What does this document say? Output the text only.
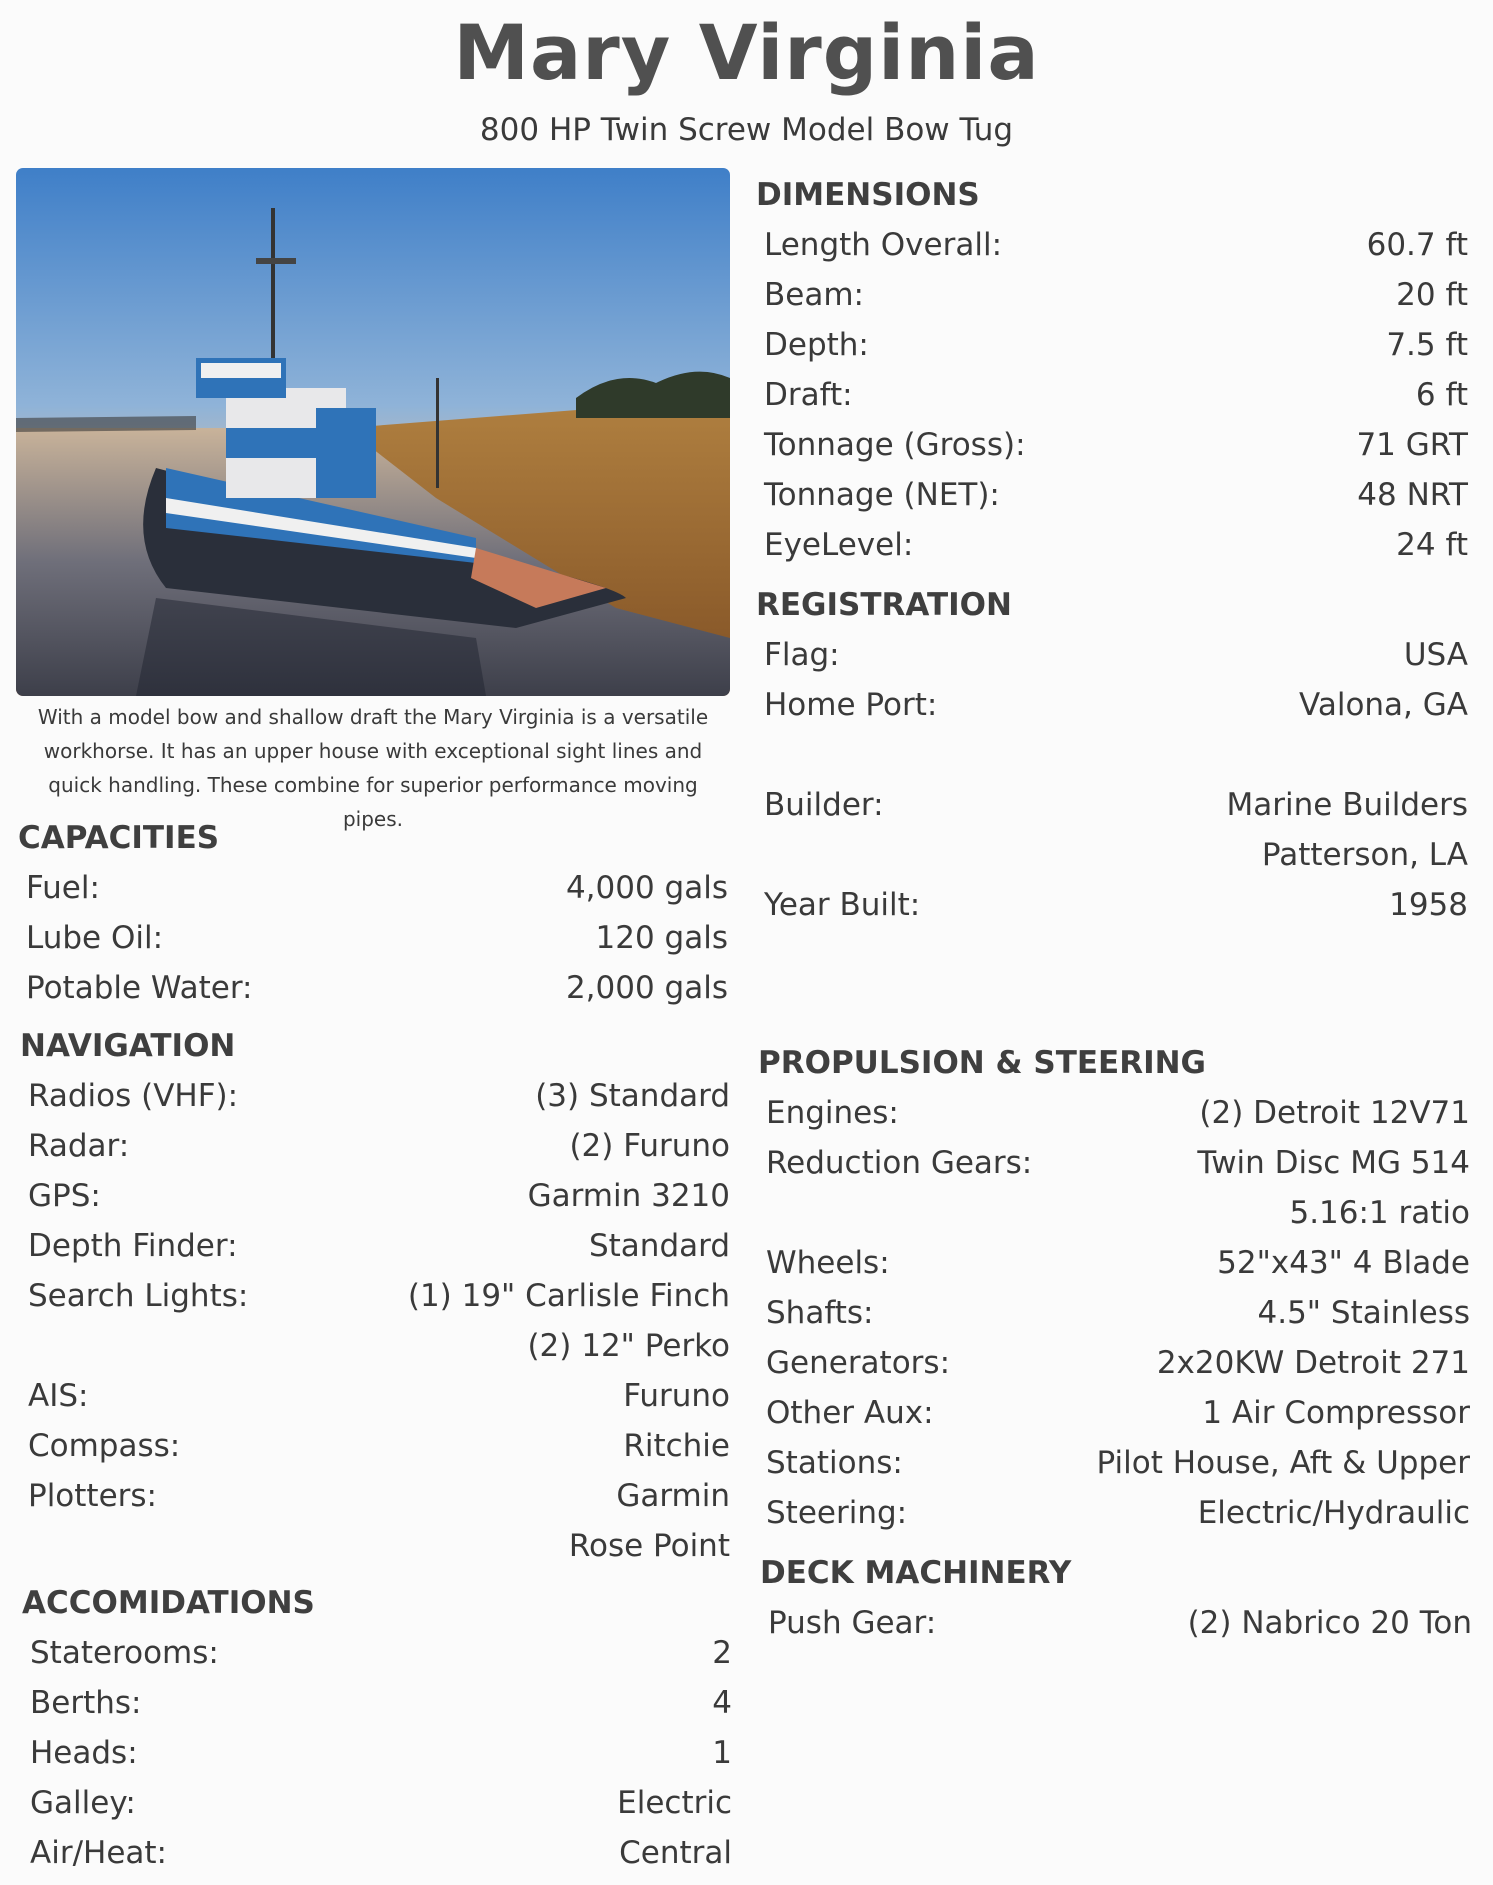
Mary Virginia
800 HP Twin Screw Model Bow Tug
With a model bow and shallow draft the Mary Virginia is a versatile workhorse. It has an upper house with exceptional sight lines and quick handling. These combine for superior performance moving pipes.
CAPACITIES
Fuel:	4,000 gals
Lube Oil:	120 gals
Potable Water:	2,000 gals
NAVIGATION
Radios (VHF):	(3) Standard
Radar:	(2) Furuno
GPS:	Garmin 3210
Depth Finder:	Standard
Search Lights:	(1) 19" Carlisle Finch
(2) 12" Perko
AIS:	Furuno
Compass:	Ritchie
Plotters:	Garmin
Rose Point
ACCOMIDATIONS
Staterooms:	2
Berths:	4
Heads:	1
Galley:	Electric
Air/Heat:	Central
DIMENSIONS
Length Overall:	60.7 ft
Beam:	20 ft
Depth:	7.5 ft
Draft:	6 ft
Tonnage (Gross):	71 GRT
Tonnage (NET):	48 NRT
EyeLevel:	24 ft
REGISTRATION
Flag:	USA
Home Port:	Valona, GA
Builder:	Marine Builders
Patterson, LA
Year Built:	1958
PROPULSION & STEERING
Engines:	(2) Detroit 12V71
Reduction Gears:	Twin Disc MG 514
5.16:1 ratio
Wheels:	52"x43" 4 Blade
Shafts:	4.5" Stainless
Generators:	2x20KW Detroit 271
Other Aux:	1 Air Compressor
Stations:	Pilot House, Aft & Upper
Steering:	Electric/Hydraulic
DECK MACHINERY
Push Gear:	(2) Nabrico 20 Ton
